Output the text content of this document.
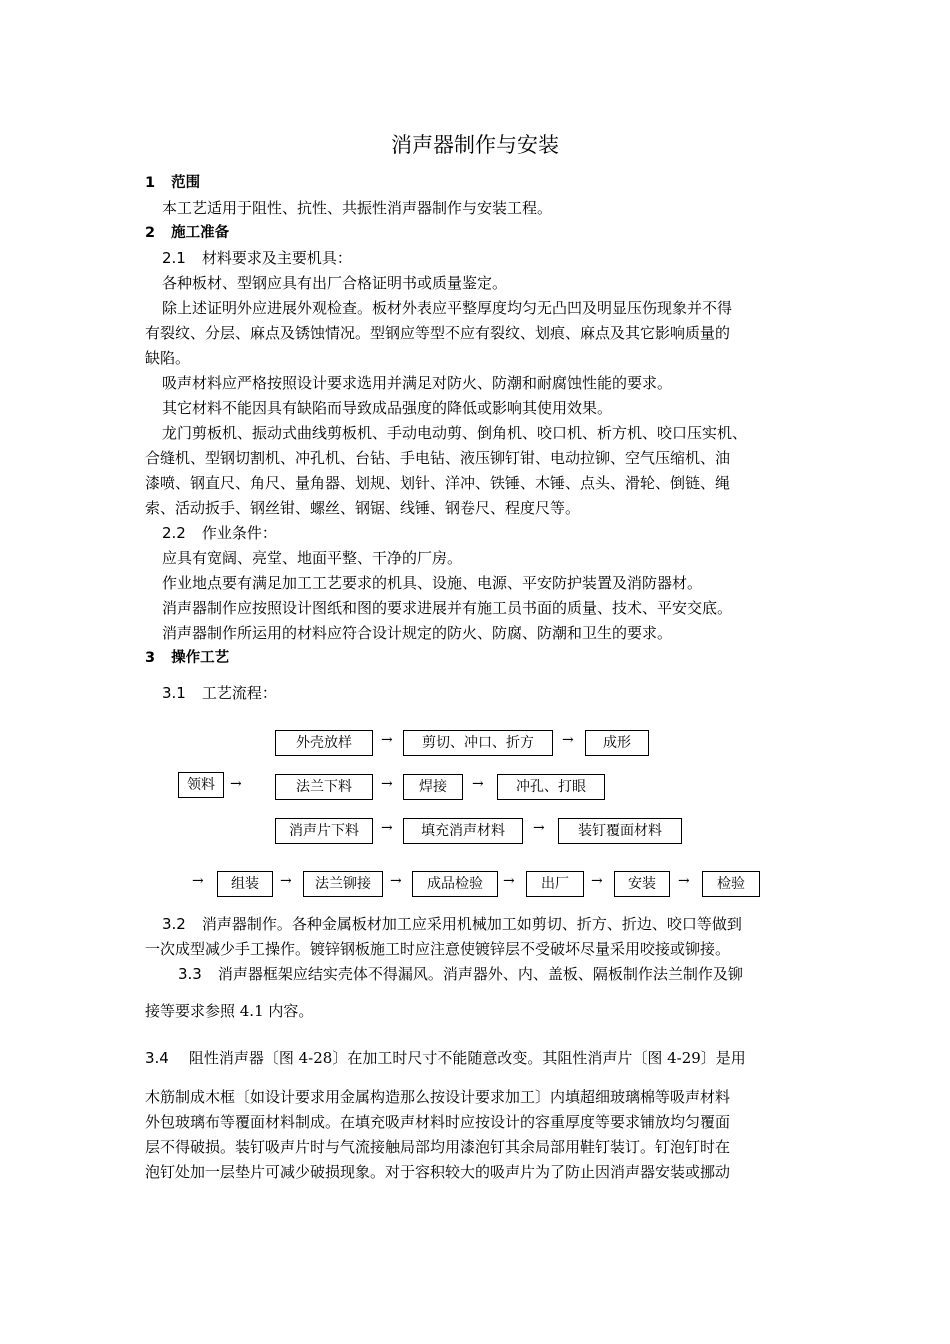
消声器制作与安装
1 范围
本工艺适用于阻性、抗性、共振性消声器制作与安装工程。
2 施工准备
2.1 材料要求及主要机具：
各种板材、型钢应具有出厂合格证明书或质量鉴定。
除上述证明外应进展外观检查。板材外表应平整厚度均匀无凸凹及明显压伤现象并不得
有裂纹、分层、麻点及锈蚀情况。型钢应等型不应有裂纹、划痕、麻点及其它影响质量的
缺陷。
吸声材料应严格按照设计要求选用并满足对防火、防潮和耐腐蚀性能的要求。
其它材料不能因具有缺陷而导致成品强度的降低或影响其使用效果。
龙门剪板机、振动式曲线剪板机、手动电动剪、倒角机、咬口机、析方机、咬口压实机、
合缝机、型钢切割机、冲孔机、台钻、手电钻、液压铆钉钳、电动拉铆、空气压缩机、油
漆喷、钢直尺、角尺、量角器、划规、划针、洋冲、铁锤、木锤、点头、滑轮、倒链、绳
索、活动扳手、钢丝钳、螺丝、钢锯、线锤、钢卷尺、程度尺等。
2.2 作业条件：
应具有宽阔、亮堂、地面平整、干净的厂房。
作业地点要有满足加工工艺要求的机具、设施、电源、平安防护装置及消防器材。
消声器制作应按照设计图纸和图的要求进展并有施工员书面的质量、技术、平安交底。
消声器制作所运用的材料应符合设计规定的防火、防腐、防潮和卫生的要求。
3 操作工艺
3.1 工艺流程：
领料	→
外壳放样	→	剪切、冲口、折方	→	成形
法兰下料	→	焊接	→	冲孔、打眼
消声片下料	→	填充消声材料	→	装钉覆面材料
→	组装	→	法兰铆接	→	成品检验	→	出厂	→	安装	→	检验
3.2 消声器制作。各种金属板材加工应采用机械加工如剪切、折方、折边、咬口等做到
一次成型减少手工操作。镀锌钢板施工时应注意使镀锌层不受破坏尽量采用咬接或铆接。
3.3 消声器框架应结实壳体不得漏风。消声器外、内、盖板、隔板制作法兰制作及铆
接等要求参照 4.1 内容。
3.4 阻性消声器〔图 4-28〕在加工时尺寸不能随意改变。其阻性消声片〔图 4-29〕是用
木筋制成木框〔如设计要求用金属构造那么按设计要求加工〕内填超细玻璃棉等吸声材料
外包玻璃布等覆面材料制成。在填充吸声材料时应按设计的容重厚度等要求铺放均匀覆面
层不得破损。装钉吸声片时与气流接触局部均用漆泡钉其余局部用鞋钉装订。钉泡钉时在
泡钉处加一层垫片可减少破损现象。对于容积较大的吸声片为了防止因消声器安装或挪动
